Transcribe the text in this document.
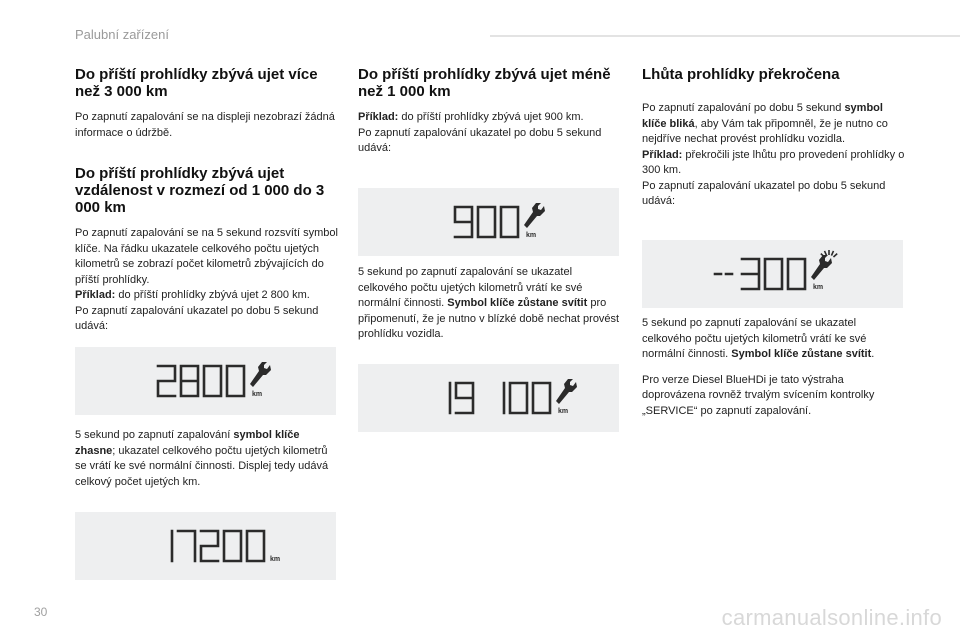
Palubní zařízení
Do příští prohlídky zbývá ujet více než 3 000 km

Po zapnutí zapalování se na displeji nezobrazí žádná informace o údržbě.

Do příští prohlídky zbývá ujet vzdálenost v rozmezí od 1 000 do 3 000 km

Po zapnutí zapalování se na 5 sekund rozsvítí symbol klíče. Na řádku ukazatele celkového počtu ujetých kilometrů se zobrazí počet kilometrů zbývajících do příští prohlídky.
Příklad: do příští prohlídky zbývá ujet 2 800 km.
Po zapnutí zapalování ukazatel po dobu 5 sekund udává:

km

5 sekund po zapnutí zapalování symbol klíče zhasne; ukazatel celkového počtu ujetých kilometrů se vrátí ke své normální činnosti. Displej tedy udává celkový počet ujetých km.

km
Do příští prohlídky zbývá ujet méně než 1 000 km

Příklad: do příští prohlídky zbývá ujet 900 km.
Po zapnutí zapalování ukazatel po dobu 5 sekund udává:

km

5 sekund po zapnutí zapalování se ukazatel celkového počtu ujetých kilometrů vrátí ke své normální činnosti. Symbol klíče zůstane svítit pro připomenutí, že je nutno v blízké době nechat provést prohlídku vozidla.

km
Lhůta prohlídky překročena

Po zapnutí zapalování po dobu 5 sekund symbol klíče bliká, aby Vám tak připomněl, že je nutno co nejdříve nechat provést prohlídku vozidla.
Příklad: překročili jste lhůtu pro provedení prohlídky o 300 km.
Po zapnutí zapalování ukazatel po dobu 5 sekund udává:

km

5 sekund po zapnutí zapalování se ukazatel celkového počtu ujetých kilometrů vrátí ke své normální činnosti. Symbol klíče zůstane svítit.

Pro verze Diesel BlueHDi je tato výstraha doprovázena rovněž trvalým svícením kontrolky „SERVICE“ po zapnutí zapalování.

30	carmanualsonline.info
